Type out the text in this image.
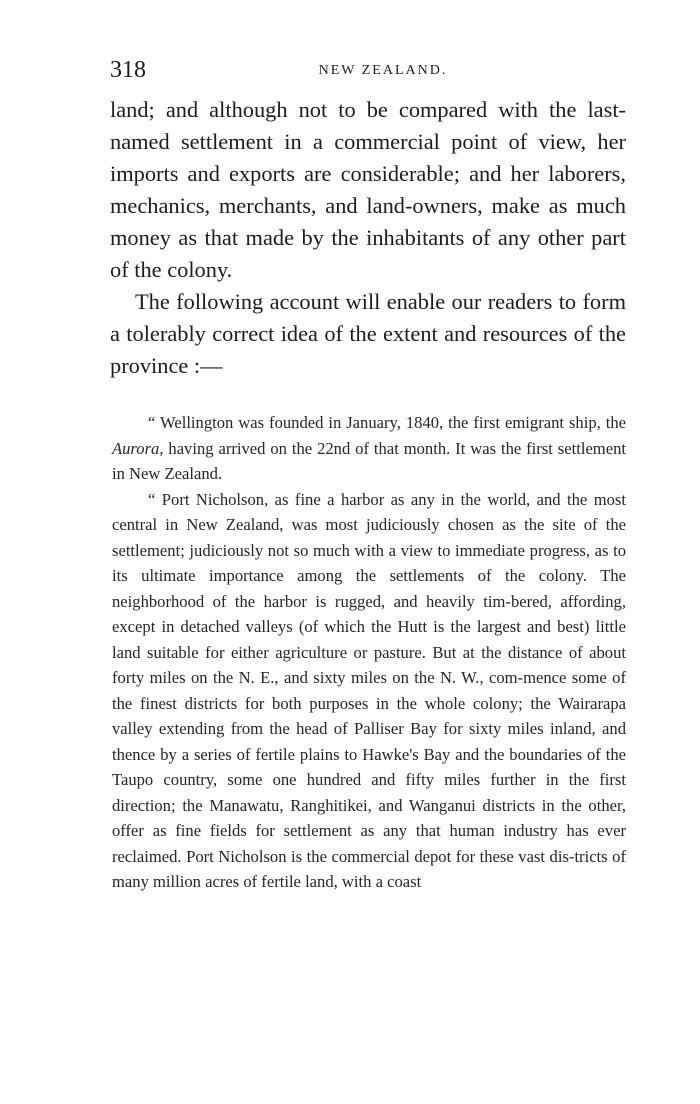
318	NEW ZEALAND.

land; and although not to be compared with the last-named settlement in a commercial point of view, her imports and exports are considerable; and her laborers, mechanics, merchants, and land-owners, make as much money as that made by the inhabitants of any other part of the colony.

The following account will enable our readers to form a tolerably correct idea of the extent and resources of the province :—

“ Wellington was founded in January, 1840, the first emigrant ship, the Aurora, having arrived on the 22nd of that month. It was the first settlement in New Zealand.

“ Port Nicholson, as fine a harbor as any in the world, and the most central in New Zealand, was most judiciously chosen as the site of the settlement; judiciously not so much with a view to immediate progress, as to its ultimate importance among the settlements of the colony. The neighborhood of the harbor is rugged, and heavily tim-bered, affording, except in detached valleys (of which the Hutt is the largest and best) little land suitable for either agriculture or pasture. But at the distance of about forty miles on the N. E., and sixty miles on the N. W., com-mence some of the finest districts for both purposes in the whole colony; the Wairarapa valley extending from the head of Palliser Bay for sixty miles inland, and thence by a series of fertile plains to Hawke's Bay and the boundaries of the Taupo country, some one hundred and fifty miles further in the first direction; the Manawatu, Ranghitikei, and Wanganui districts in the other, offer as fine fields for settlement as any that human industry has ever reclaimed. Port Nicholson is the commercial depot for these vast dis-tricts of many million acres of fertile land, with a coast
